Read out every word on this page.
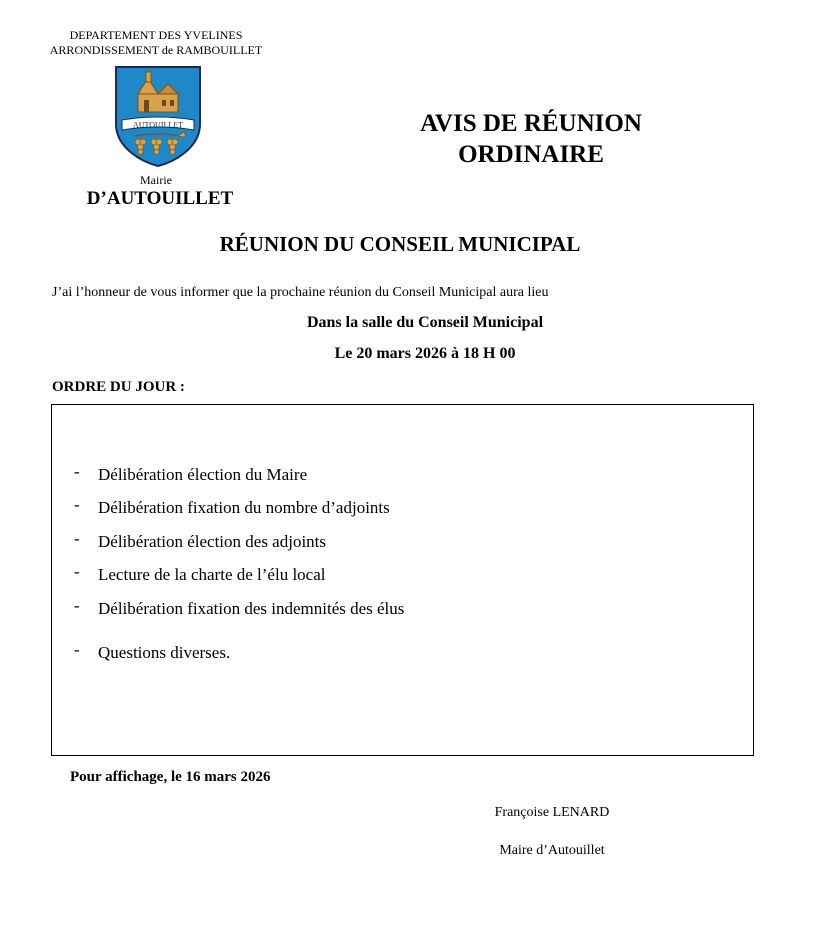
DEPARTEMENT DES YVELINES
ARRONDISSEMENT de RAMBOUILLET
AUTOUILLET
Mairie
D’AUTOUILLET
AVIS DE RÉUNION
ORDINAIRE
RÉUNION DU CONSEIL MUNICIPAL
J’ai l’honneur de vous informer que la prochaine réunion du Conseil Municipal aura lieu
Dans la salle du Conseil Municipal
Le 20 mars 2026 à 18 H 00
ORDRE DU JOUR :
- Délibération élection du Maire
- Délibération fixation du nombre d’adjoints
- Délibération élection des adjoints
- Lecture de la charte de l’élu local
- Délibération fixation des indemnités des élus
- Questions diverses.
Pour affichage, le 16 mars 2026
Françoise LENARD
Maire d’Autouillet
